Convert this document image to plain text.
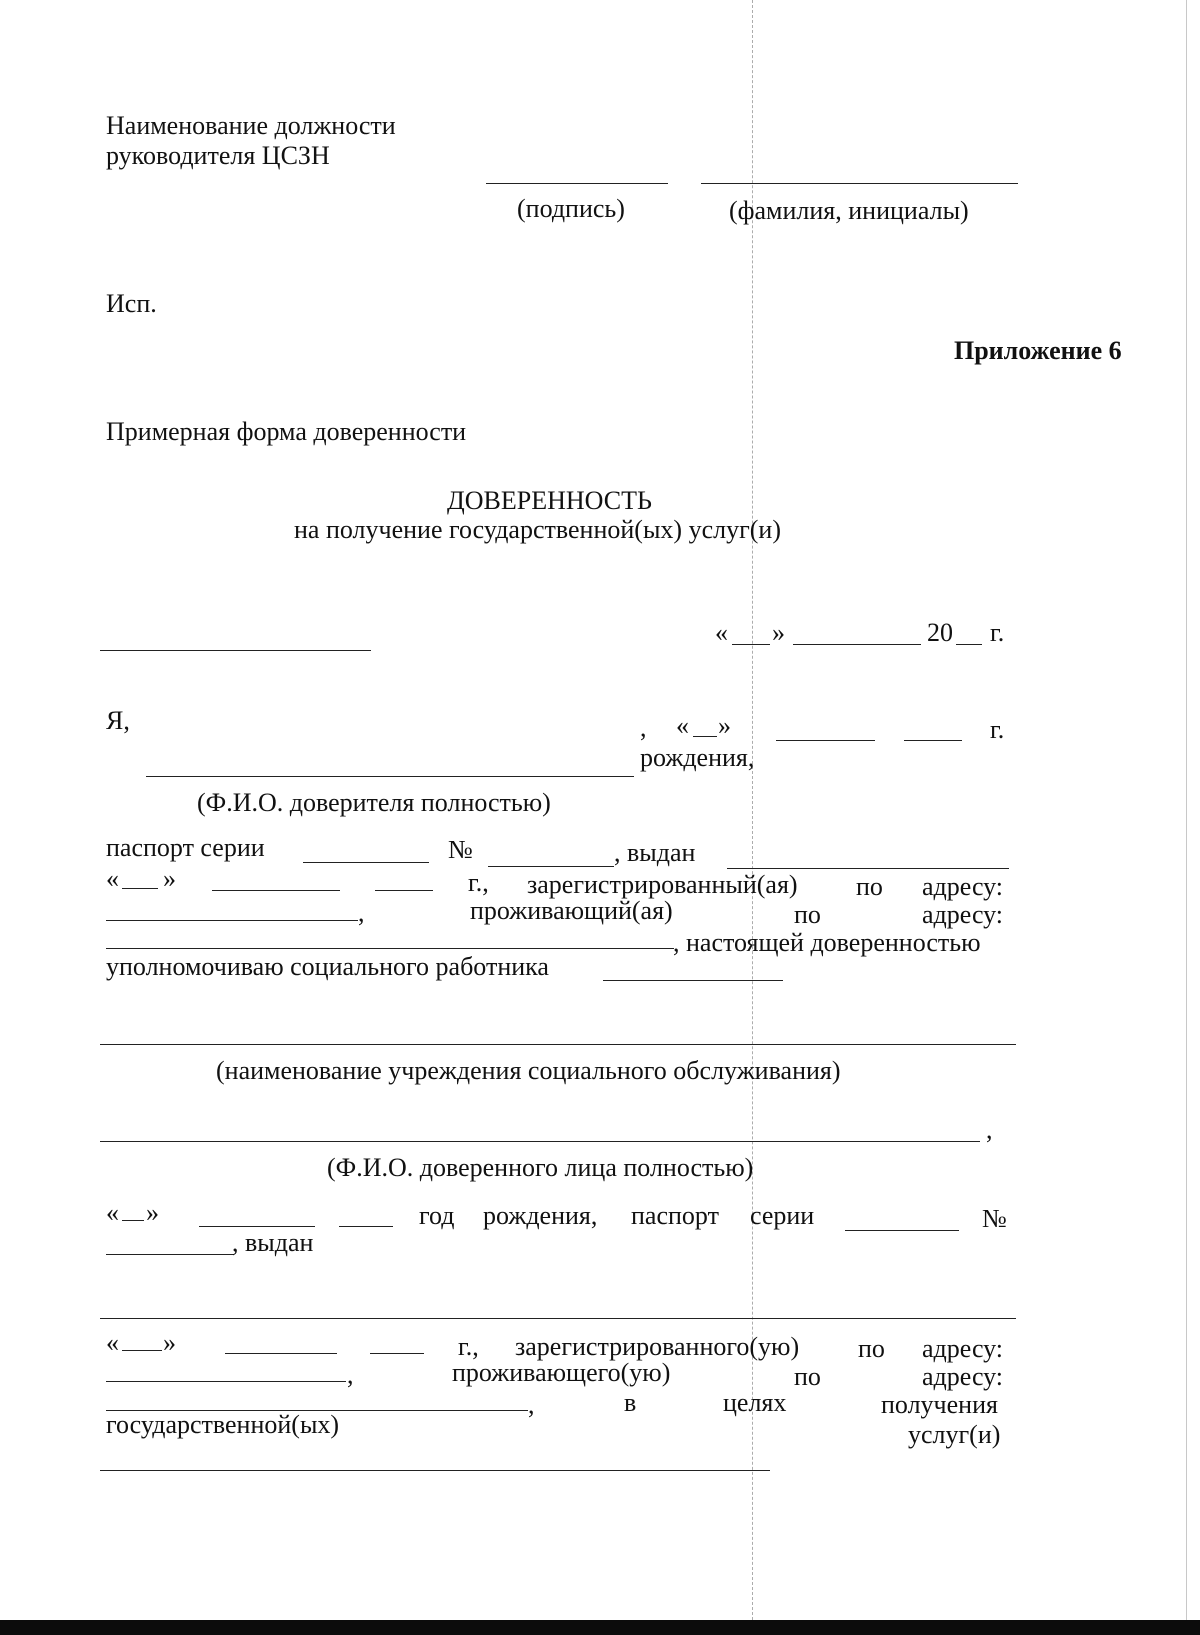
Наименование должности
руководителя ЦСЗН
(подпись)	(фамилия, инициалы)
Исп.
Приложение 6
Примерная форма доверенности
ДОВЕРЕННОСТЬ
на получение государственной(ых) услуг(и)
« »	20 г.
Я,	, « »	г.
рождения,
(Ф.И.О. доверителя полностью)
паспорт серии	№	, выдан
« »	г., зарегистрированный(ая) по адресу:
,	проживающий(ая)	по	адресу:
, настоящей доверенностью
уполномочиваю социального работника
(наименование учреждения социального обслуживания)
,
(Ф.И.О. доверенного лица полностью)
« »	год рождения, паспорт серии	№
, выдан
« »	г., зарегистрированного(ую) по адресу:
,	проживающего(ую)	по	адресу:
,	в	целях	получения
государственной(ых)	услуг(и)
